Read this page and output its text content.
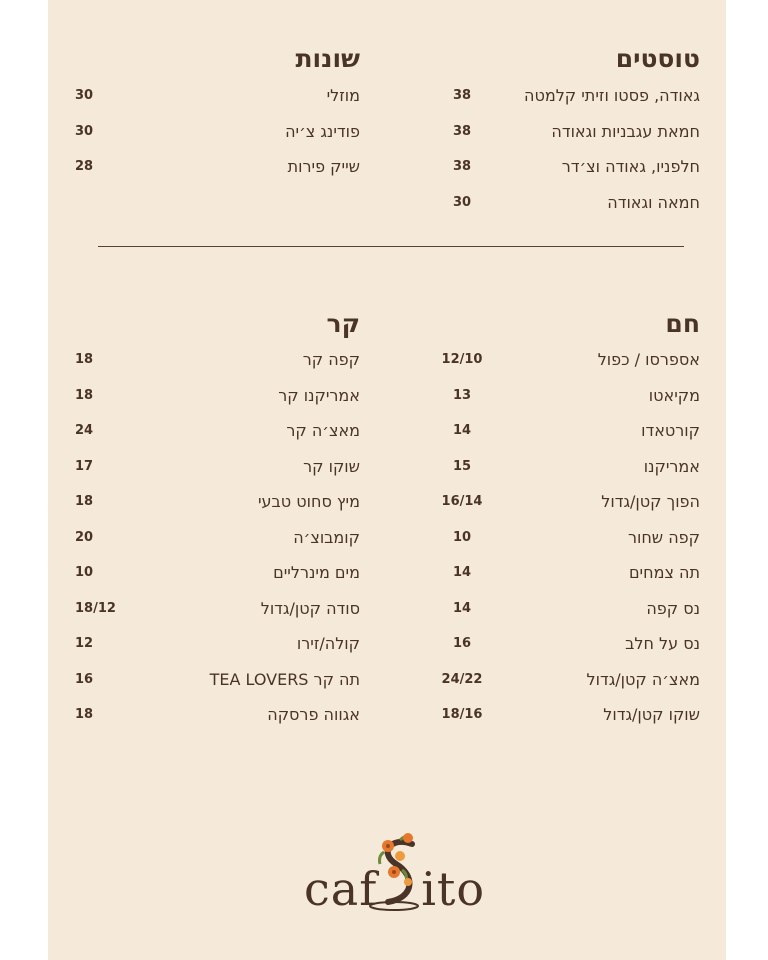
טוסטים
גאודה, פסטו וזיתי קלמטה
38
חמאת עגבניות וגאודה
38
חלפניו, גאודה וצ׳דר
38
חמאה וגאודה
30
שונות
מוזלי
30
פודינג צ׳יה
30
שייק פירות
28
חם
אספרסו / כפול
12/10
מקיאטו
13
קורטאדו
14
אמריקנו
15
הפוך קטן/גדול
16/14
קפה שחור
10
תה צמחים
14
נס קפה
14
נס על חלב
16
מאצ׳ה קטן/גדול
24/22
שוקו קטן/גדול
18/16
קר
קפה קר
18
אמריקנו קר
18
מאצ׳ה קר
24
שוקו קר
17
מיץ סחוט טבעי
18
קומבוצ׳ה
20
מים מינרליים
10
סודה קטן/גדול
18/12
קולה/זירו
12
תה קר TEA LOVERS
16
אגווה פרסקה
18
caf ito
